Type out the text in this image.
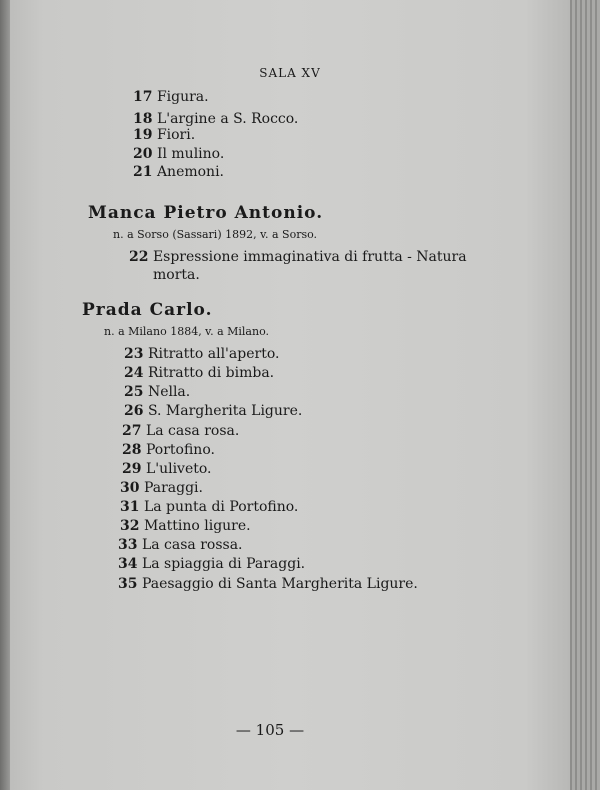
SALA XV
17 Figura.
18 L'argine a S. Rocco.
19 Fiori.
20 Il mulino.
21 Anemoni.
Manca Pietro Antonio.
n. a Sorso (Sassari) 1892, v. a Sorso.
22 Espressione immaginativa di frutta - Natura
morta.
Prada Carlo.
n. a Milano 1884, v. a Milano.
23 Ritratto all'aperto.
24 Ritratto di bimba.
25 Nella.
26 S. Margherita Ligure.
27 La casa rosa.
28 Portofino.
29 L'uliveto.
30 Paraggi.
31 La punta di Portofino.
32 Mattino ligure.
33 La casa rossa.
34 La spiaggia di Paraggi.
35 Paesaggio di Santa Margherita Ligure.
— 105 —
